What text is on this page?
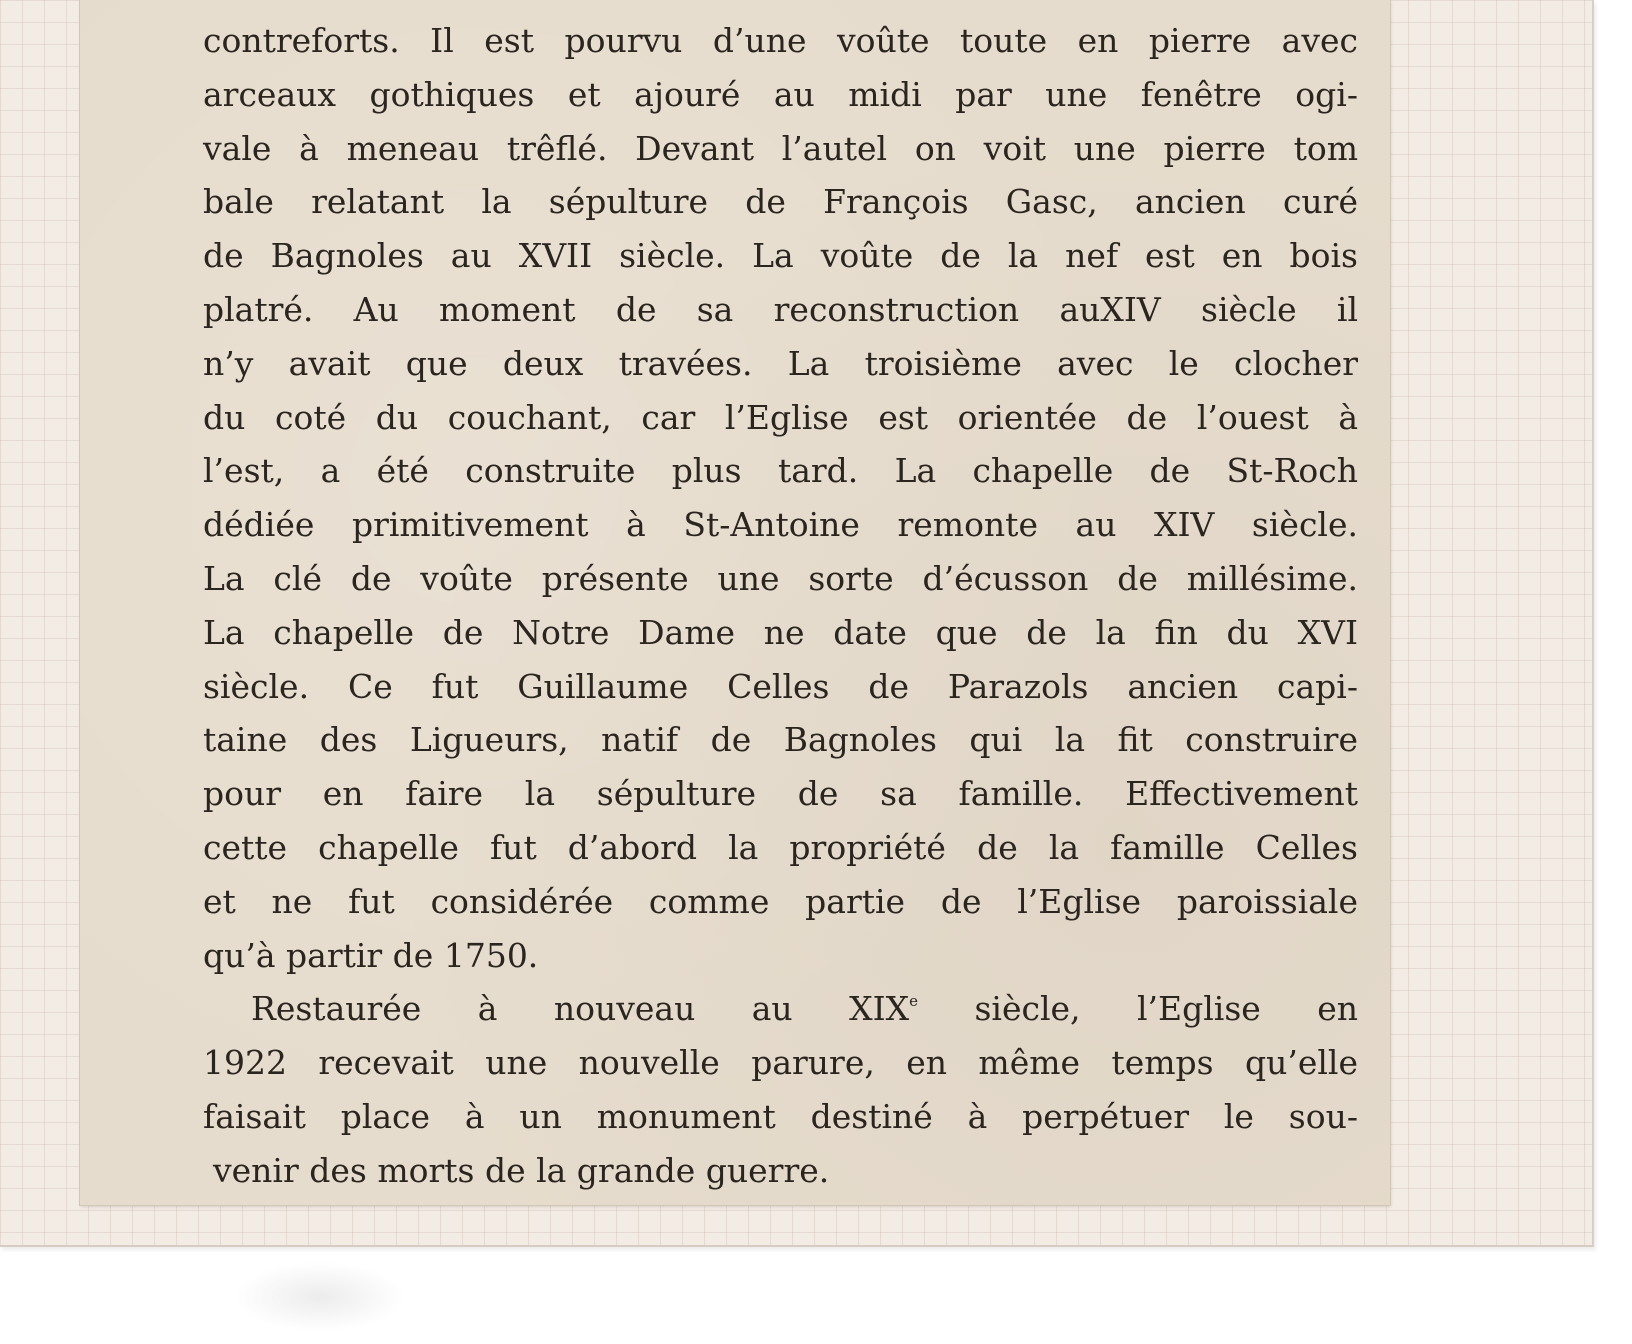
contreforts. Il est pourvu d’une voûte toute en pierre avec
arceaux gothiques et ajouré au midi par une fenêtre ogi-
vale à meneau trêflé. Devant l’autel on voit une pierre tom
bale relatant la sépulture de François Gasc, ancien curé
de Bagnoles au XVII siècle. La voûte de la nef est en bois
platré. Au moment de sa reconstruction auXIV siècle il
n’y avait que deux travées. La troisième avec le clocher
du coté du couchant, car l’Eglise est orientée de l’ouest à
l’est, a été construite plus tard. La chapelle de St-Roch
dédiée primitivement à St-Antoine remonte au XIV siècle.
La clé de voûte présente une sorte d’écusson de millésime.
La chapelle de Notre Dame ne date que de la fin du XVI
siècle. Ce fut Guillaume Celles de Parazols ancien capi-
taine des Ligueurs, natif de Bagnoles qui la fit construire
pour en faire la sépulture de sa famille. Effectivement
cette chapelle fut d’abord la propriété de la famille Celles
et ne fut considérée comme partie de l’Eglise paroissiale
qu’à partir de 1750.
Restaurée à nouveau au XIXe siècle, l’Eglise en
1922 recevait une nouvelle parure, en même temps qu’elle
faisait place à un monument destiné à perpétuer le sou-
venir des morts de la grande guerre.
